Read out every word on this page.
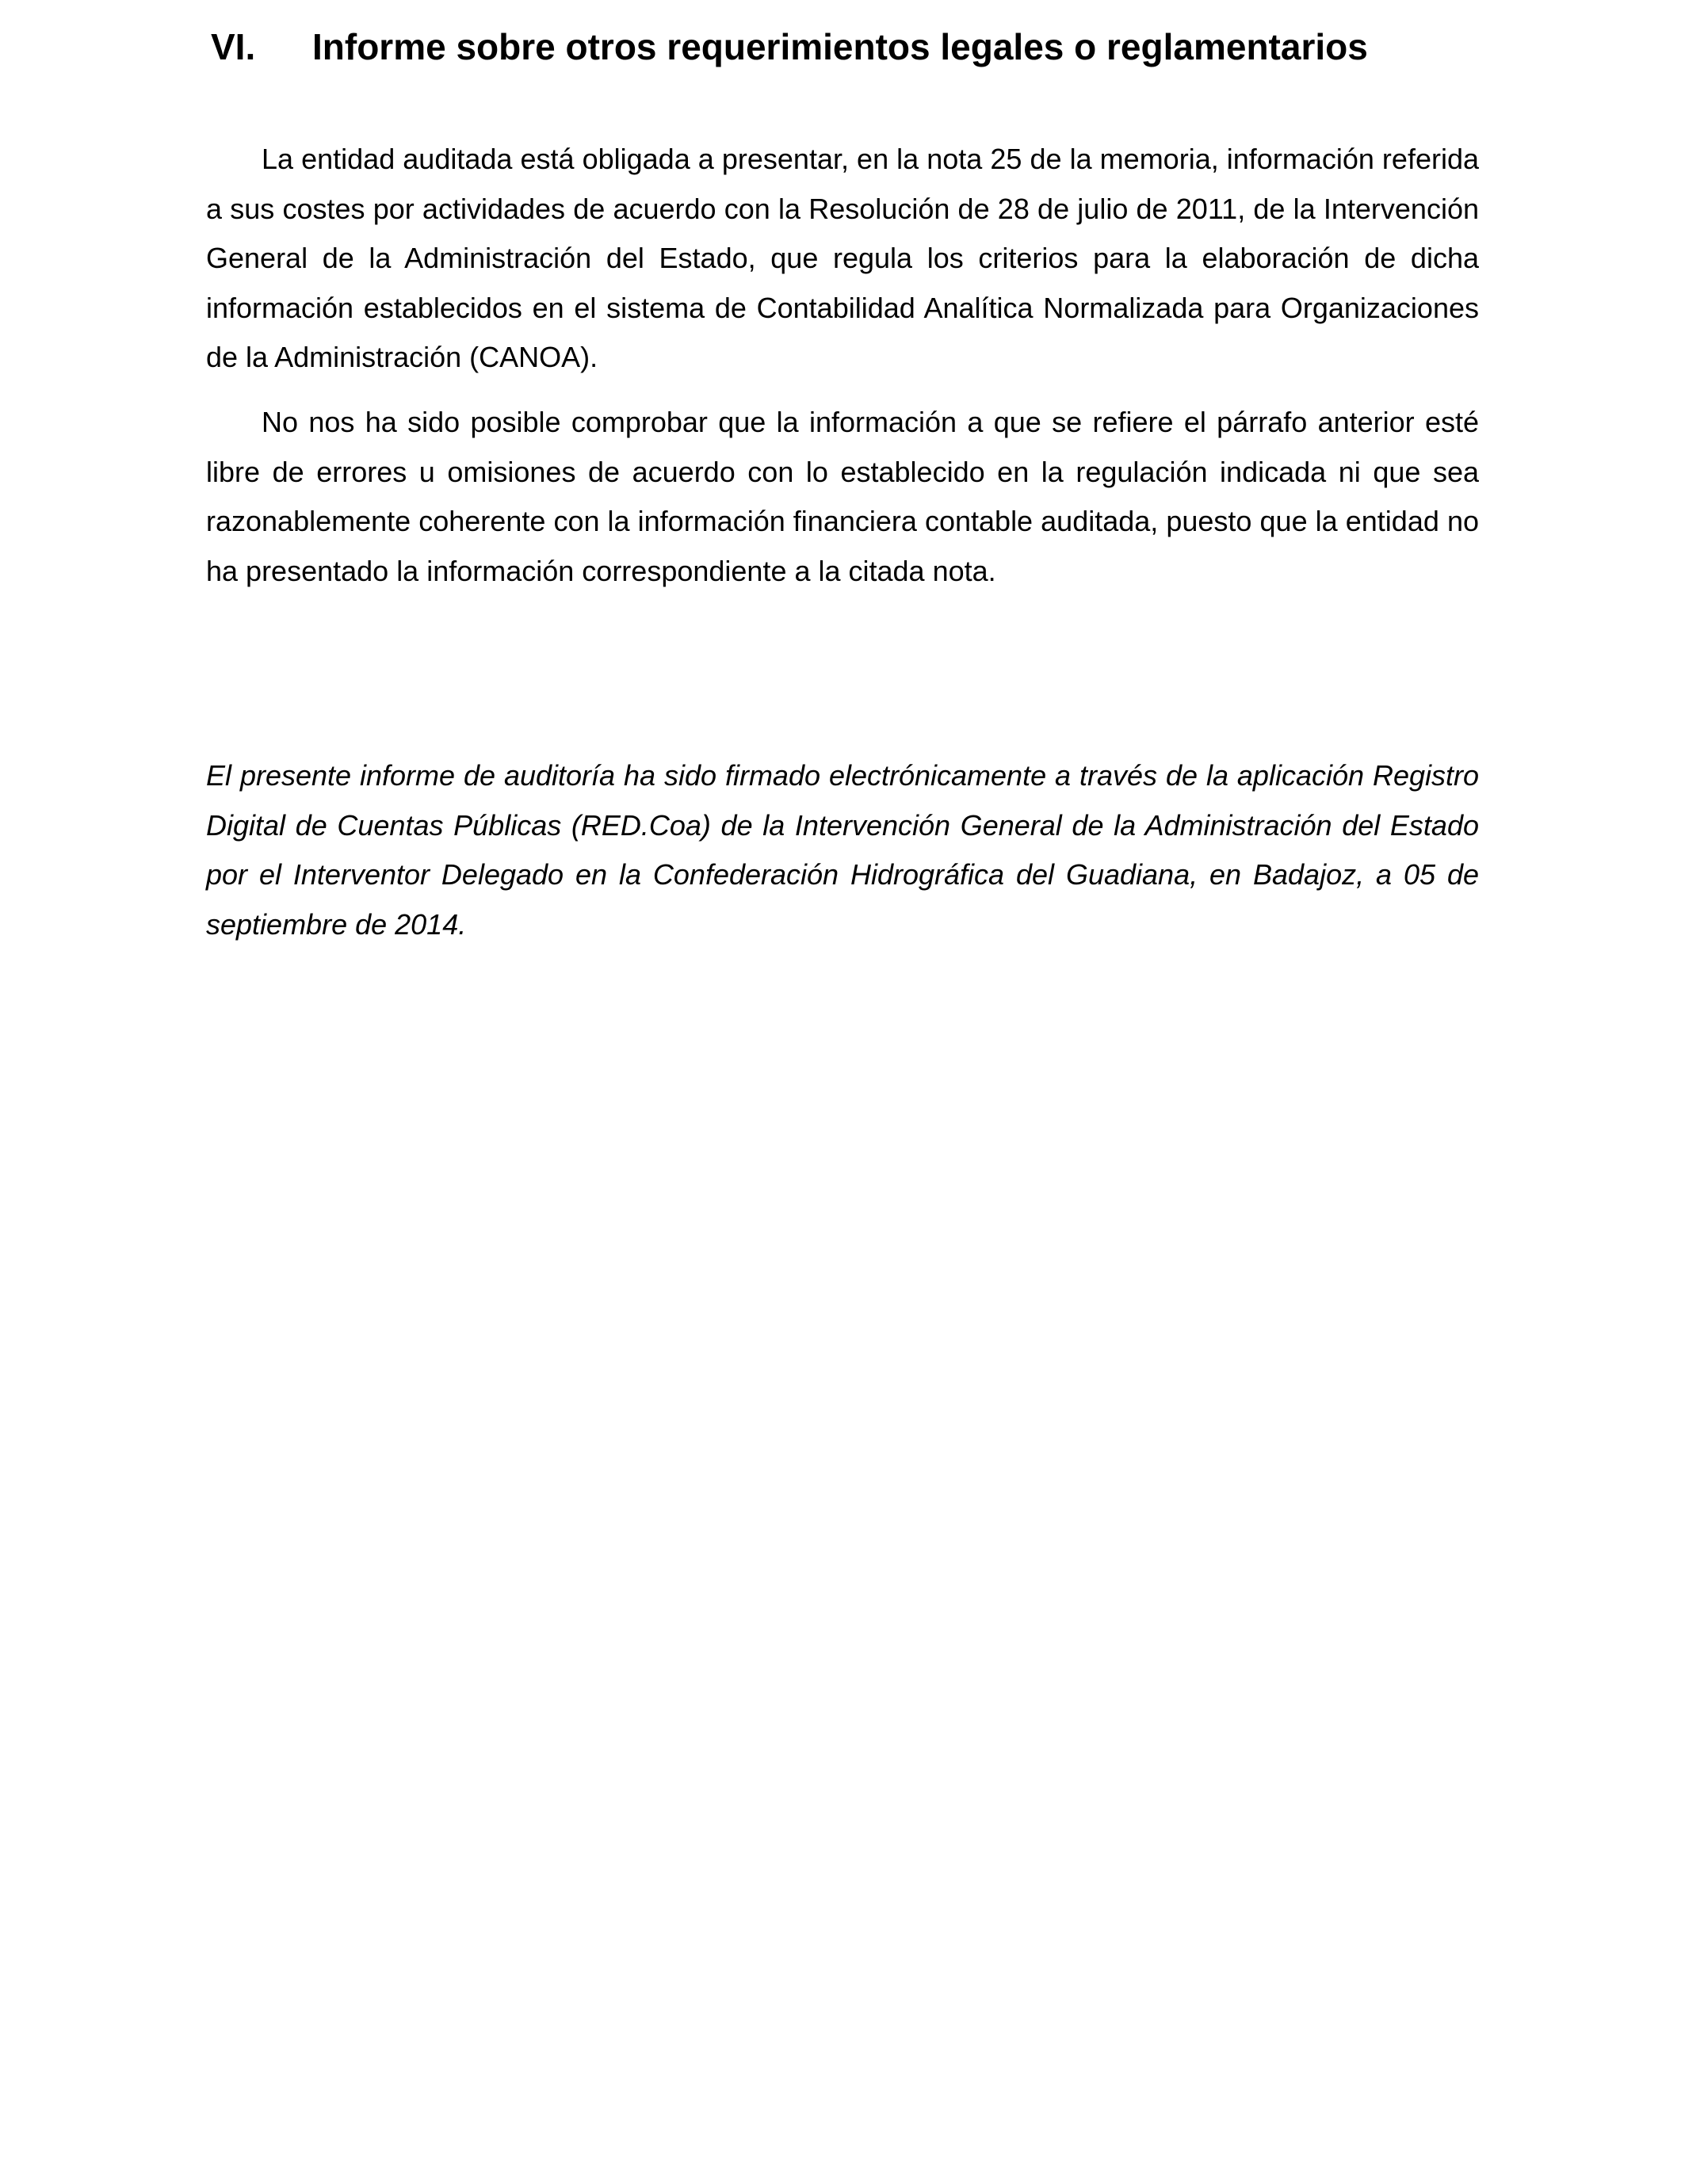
VI.	Informe sobre otros requerimientos legales o reglamentarios

La entidad auditada está obligada a presentar, en la nota 25 de la memoria, información referida a sus costes por actividades de acuerdo con la Resolución de 28 de julio de 2011, de la Intervención General de la Administración del Estado, que regula los criterios para la elaboración de dicha información establecidos en el sistema de Contabilidad Analítica Normalizada para Organizaciones de la Administración (CANOA).

No nos ha sido posible comprobar que la información a que se refiere el párrafo anterior esté libre de errores u omisiones de acuerdo con lo establecido en la regulación indicada ni que sea razonablemente coherente con la información financiera contable auditada, puesto que la entidad no ha presentado la información correspondiente a la citada nota.

El presente informe de auditoría ha sido firmado electrónicamente a través de la aplicación Registro Digital de Cuentas Públicas (RED.Coa) de la Intervención General de la Administración del Estado por el Interventor Delegado en la Confederación Hidrográfica del Guadiana, en Badajoz, a 05 de septiembre de 2014.
